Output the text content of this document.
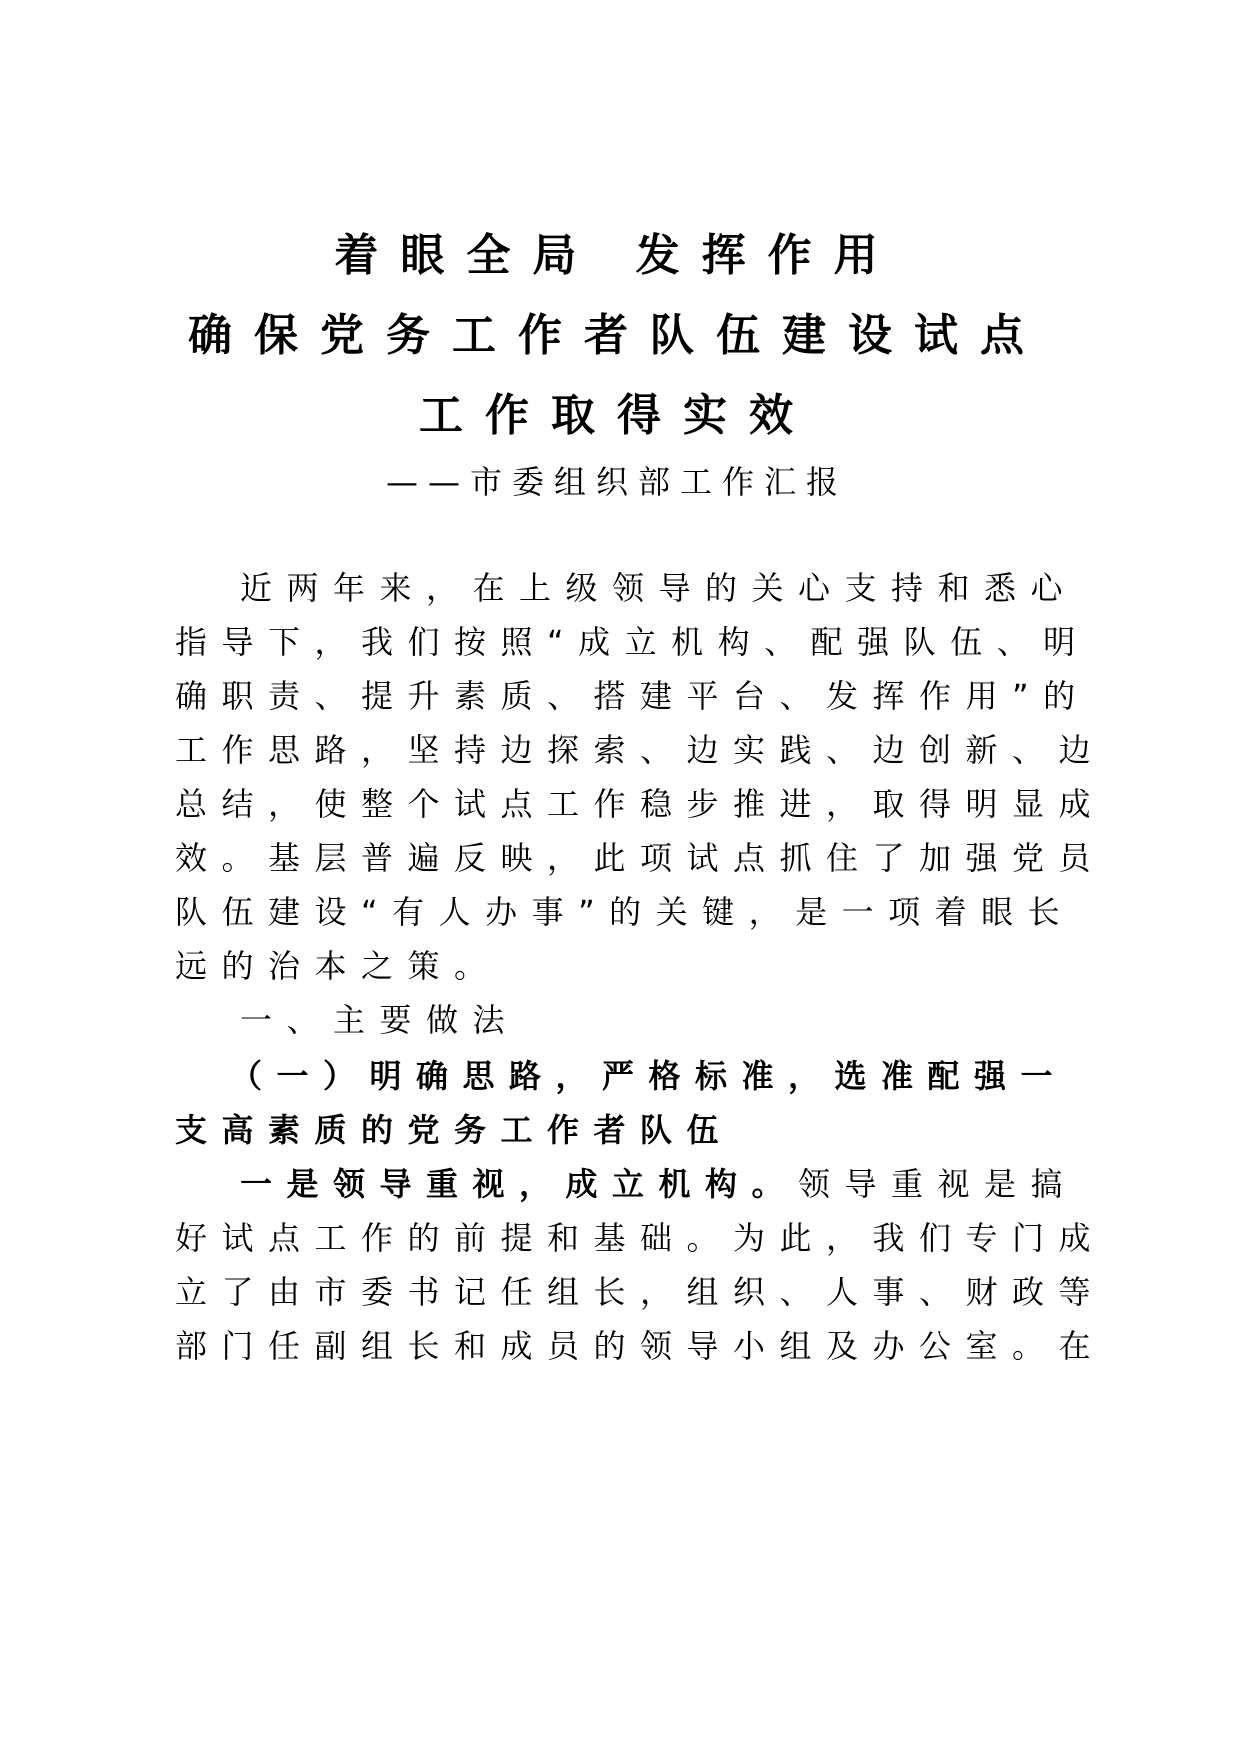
着眼全局 发挥作用
确保党务工作者队伍建设试点
工作取得实效
——市委组织部工作汇报
近两年来，在上级领导的关心支持和悉心
指导下，我们按照“成立机构、配强队伍、明
确职责、提升素质、搭建平台、发挥作用”的
工作思路，坚持边探索、边实践、边创新、边
总结，使整个试点工作稳步推进，取得明显成
效。基层普遍反映，此项试点抓住了加强党员
队伍建设“有人办事”的关键，是一项着眼长
远的治本之策。
一、主要做法
（一）明确思路，严格标准，选准配强一
支高素质的党务工作者队伍
一是领导重视，成立机构。领导重视是搞
好试点工作的前提和基础。为此，我们专门成
立了由市委书记任组长，组织、人事、财政等
部门任副组长和成员的领导小组及办公室。在
